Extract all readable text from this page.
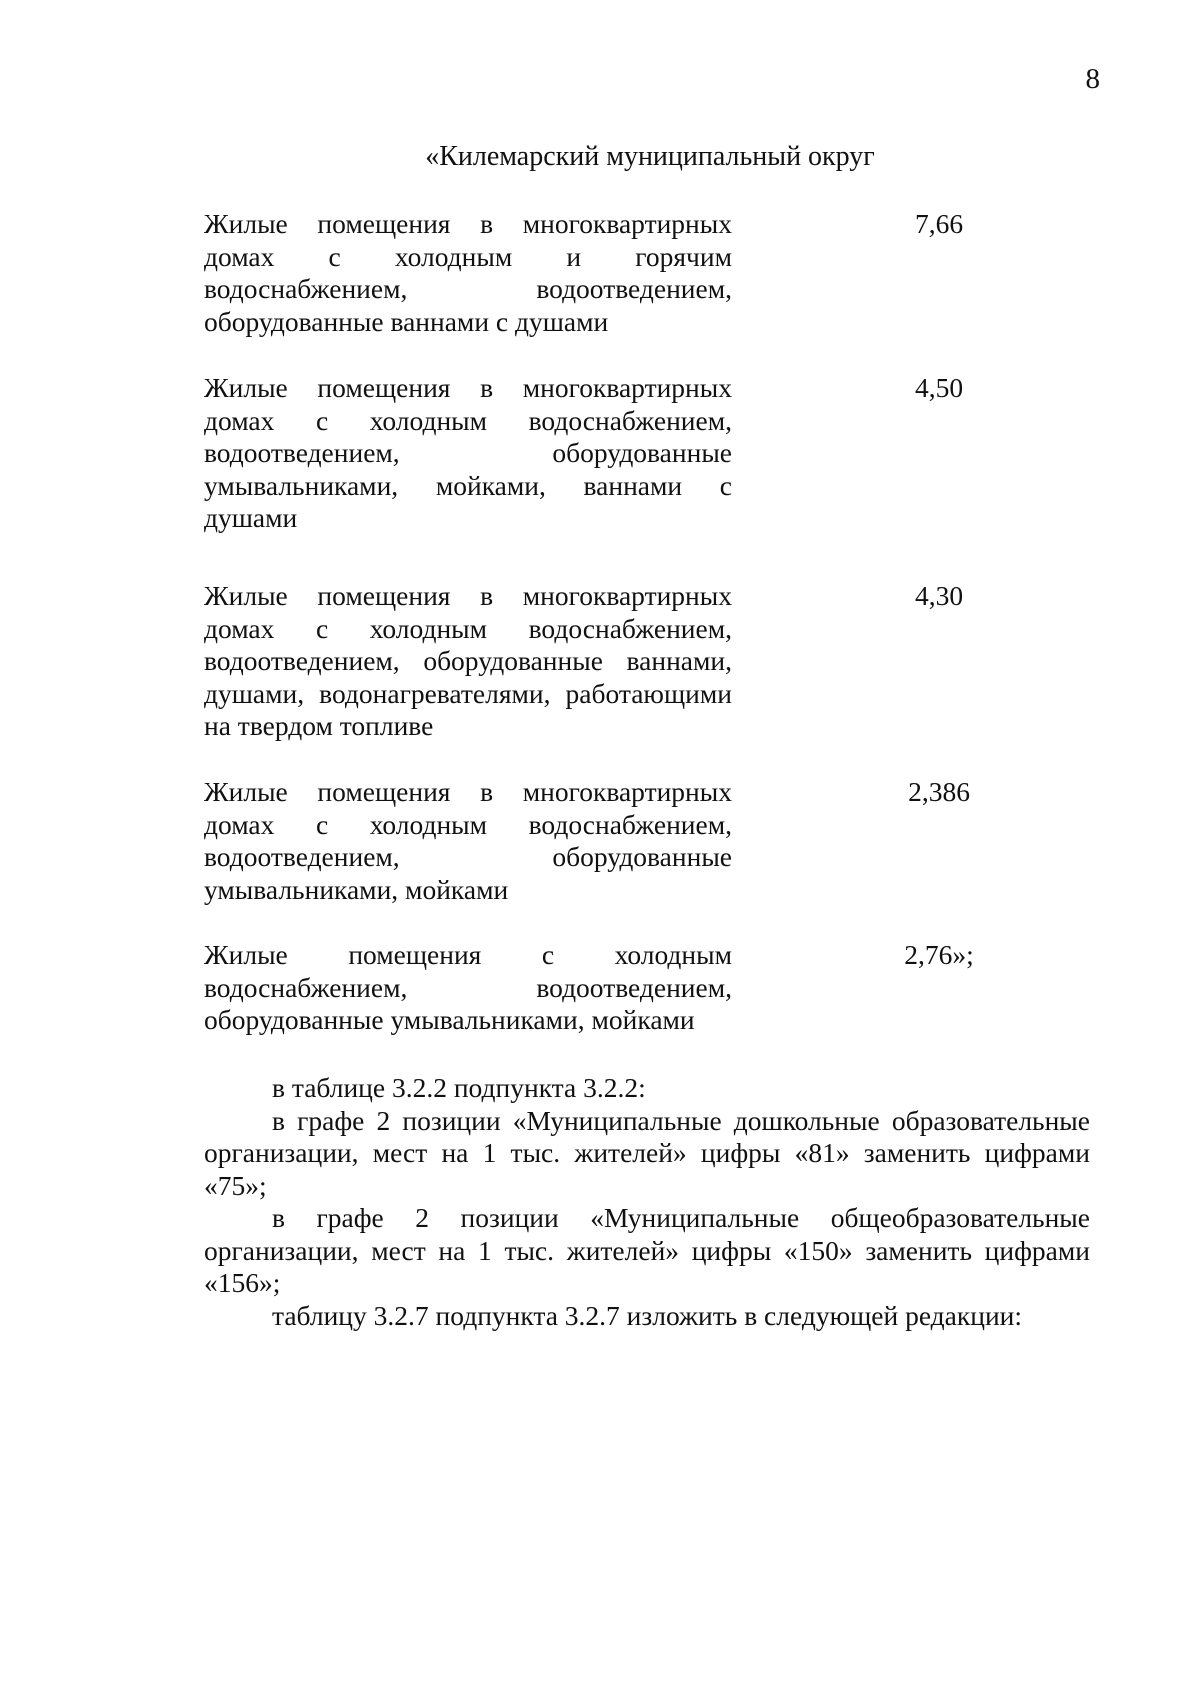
8
«Килемарский муниципальный округ
Жилые помещения в многоквартирных домах с холодным и горячим водоснабжением, водоотведением, оборудованные ваннами с душами
7,66
Жилые помещения в многоквартирных домах с холодным водоснабжением, водоотведением, оборудованные умывальниками, мойками, ваннами с душами
4,50
Жилые помещения в многоквартирных домах с холодным водоснабжением, водоотведением, оборудованные ваннами, душами, водонагревателями, работающими на твердом топливе
4,30
Жилые помещения в многоквартирных домах с холодным водоснабжением, водоотведением, оборудованные умывальниками, мойками
2,386
Жилые помещения с холодным водоснабжением, водоотведением, оборудованные умывальниками, мойками
2,76»;

в таблице 3.2.2 подпункта 3.2.2:

в графе 2 позиции «Муниципальные дошкольные образовательные организации, мест на 1 тыс. жителей» цифры «81» заменить цифрами «75»;

в графе 2 позиции «Муниципальные общеобразовательные организации, мест на 1 тыс. жителей» цифры «150» заменить цифрами «156»;

таблицу 3.2.7 подпункта 3.2.7 изложить в следующей редакции:
